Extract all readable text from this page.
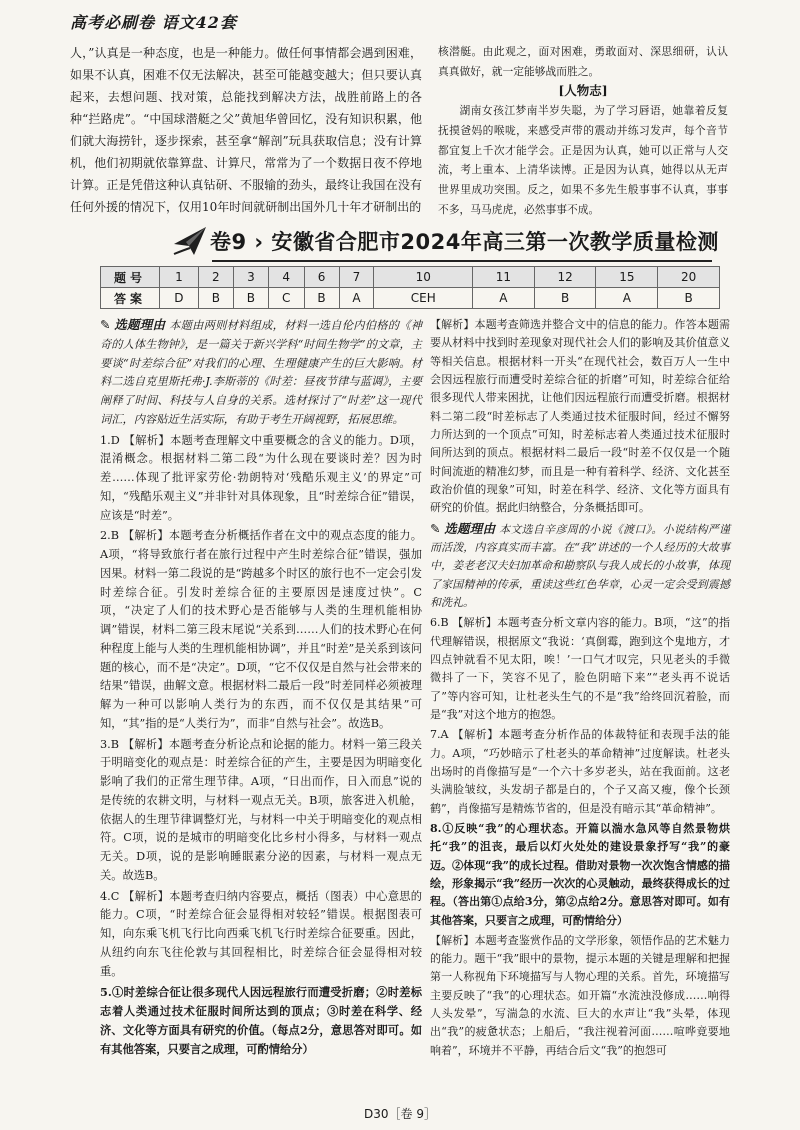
高考必刷卷 语文42套

人，”认真是一种态度，也是一种能力。做任何事情都会遇到困难，如果不认真，困难不仅无法解决，甚至可能越变越大；但只要认真起来，去想问题、找对策，总能找到解决方法，战胜前路上的各种“拦路虎”。“中国球潜艇之父”黄旭华曾回忆，没有知识积累，他们就大海捞针，逐步探索，甚至拿“解剖”玩具获取信息；没有计算机，他们初期就依靠算盘、计算尺，常常为了一个数据日夜不停地计算。正是凭借这种认真钻研、不服输的劲头，最终让我国在没有任何外援的情况下，仅用10年时间就研制出国外几十年才研制出的

核潜艇。由此观之，面对困难，勇敢面对、深思细研，认认真真做好，就一定能够战而胜之。

[人物志]

湖南女孩江梦南半岁失聪，为了学习唇语，她靠着反复抚摸爸妈的喉咙，来感受声带的震动并练习发声，每个音节都宜复上千次才能学会。正是因为认真，她可以正常与人交流，考上重本、上清华读博。正是因为认真，她得以从无声世界里成功突围。反之，如果不多先生般事事不认真，事事不多，马马虎虎，必然事事不成。

卷9 › 安徽省合肥市2024年高三第一次教学质量检测
题号	1	2	3	4	6	7	10	11	12	15	20
答案	D	B	B	C	B	A	CEH	A	B	A	B

✎ 选题理由 本题由两则材料组成，材料一选自伦内伯格的《神奇的人体生物钟》，是一篇关于新兴学科“时间生物学”的文章，主要谈“时差综合征”对我们的心理、生理健康产生的巨大影响。材料二选自克里斯托弗·J.李斯蒂的《时差：昼夜节律与蓝调》，主要阐释了时间、科技与人自身的关系。选材探讨了“时差”这一现代词汇，内容贴近生活实际，有助于考生开阔视野，拓展思维。

1.D 【解析】本题考查理解文中重要概念的含义的能力。D项，混淆概念。根据材料二第二段“为什么现在要谈时差？因为时差……体现了批评家劳伦·勃朗特对‘残酷乐观主义’的界定”可知，“残酷乐观主义”并非针对具体现象，且“时差综合征”错误，应该是“时差”。

2.B 【解析】本题考查分析概括作者在文中的观点态度的能力。A项，“将导致旅行者在旅行过程中产生时差综合征”错误，强加因果。材料一第二段说的是“跨越多个时区的旅行也不一定会引发时差综合征。引发时差综合征的主要原因是速度过快”。C项，“决定了人们的技术野心是否能够与人类的生理机能相协调”错误，材料二第三段末尾说“关系到……人们的技术野心在何种程度上能与人类的生理机能相协调”，并且“时差”是关系到该问题的核心，而不是“决定”。D项，“它不仅仅是自然与社会带来的结果”错误，曲解文意。根据材料二最后一段“时差同样必须被理解为一种可以影响人类行为的东西，而不仅仅是其结果”可知，“其”指的是“人类行为”，而非“自然与社会”。故选B。

3.B 【解析】本题考查分析论点和论据的能力。材料一第三段关于明暗变化的观点是：时差综合征的产生，主要是因为明暗变化影响了我们的正常生理节律。A项，“日出而作，日入而息”说的是传统的农耕文明，与材料一观点无关。B项，旅客进入机舱，依据人的生理节律调整灯光，与材料一中关于明暗变化的观点相符。C项，说的是城市的明暗变化比乡村小得多，与材料一观点无关。D项，说的是影响睡眠素分泌的因素，与材料一观点无关。故选B。

4.C 【解析】本题考查归纳内容要点，概括（图表）中心意思的能力。C项，“时差综合征会显得相对较轻”错误。根据图表可知，向东乘飞机飞行比向西乘飞机飞行时差综合征要重。因此，从纽约向东飞往伦敦与其回程相比，时差综合征会显得相对较重。

5.①时差综合征让很多现代人因远程旅行而遭受折磨；②时差标志着人类通过技术征服时间所达到的顶点；③时差在科学、经济、文化等方面具有研究的价值。（每点2分，意思答对即可。如有其他答案，只要言之成理，可酌情给分）

【解析】本题考查筛选并整合文中的信息的能力。作答本题需要从材料中找到时差现象对现代社会人们的影响及其价值意义等相关信息。根据材料一开头“在现代社会，数百万人一生中会因远程旅行而遭受时差综合征的折磨”可知，时差综合征给很多现代人带来困扰，让他们因远程旅行而遭受折磨。根据材料二第二段“时差标志了人类通过技术征服时间，经过不懈努力所达到的一个顶点”可知，时差标志着人类通过技术征服时间所达到的顶点。根据材料二最后一段“时差不仅仅是一个随时间流逝的精准幻梦，而且是一种有着科学、经济、文化甚至政治价值的现象”可知，时差在科学、经济、文化等方面具有研究的价值。据此归纳整合，分条概括即可。

✎ 选题理由 本文选自辛彦周的小说《渡口》。小说结构严谨而活泼，内容真实而丰富。在“我”讲述的一个人经历的大故事中，姜老老汉夫妇加革命和勘察队与我人成长的小故事，体现了家国精神的传承，重读这些红色华章，心灵一定会受到震撼和洗礼。

6.B 【解析】本题考查分析文章内容的能力。B项，“这”的指代理解错误，根据原文“我说：‘真倒霉，跑到这个鬼地方，才四点钟就看不见太阳，唉！’一口气才叹完，只见老头的手微微抖了一下，笑容不见了，脸色阴暗下来”“老头再不说话了”等内容可知，让杜老头生气的不是“我”给终回沉着脸，而是“我”对这个地方的抱怨。

7.A 【解析】本题考查分析作品的体裁特征和表现手法的能力。A项，“巧妙暗示了杜老头的革命精神”过度解读。杜老头出场时的肖像描写是“一个六十多岁老头，站在我面前。这老头满脸皱纹，头发胡子都是白的，个子又高又瘦，像个长颈鹤”，肖像描写是精炼节省的，但是没有暗示其“革命精神”。

8.①反映“我”的心理状态。开篇以湍水急风等自然景物烘托“我”的沮丧，最后以灯火处处的建设景象抒写“我”的豪迈。②体现“我”的成长过程。借助对景物一次次饱含情感的描绘，形象揭示“我”经历一次次的心灵触动，最终获得成长的过程。（答出第①点给3分，第②点给2分。意思答对即可。如有其他答案，只要言之成理，可酌情给分）

【解析】本题考查鉴赏作品的文学形象，领悟作品的艺术魅力的能力。题干“我”眼中的景物，提示本题的关键是理解和把握第一人称视角下环境描写与人物心理的关系。首先，环境描写主要反映了“我”的心理状态。如开篇“水流浊没修成……响得人头发晕”，写湍急的水流、巨大的水声让“我”头晕，体现出“我”的疲惫状态；上船后，“我注视着河面……喧哗竟要地响着”，环境并不平静，再结合后文“我”的抱怨可

D30［卷 9］
